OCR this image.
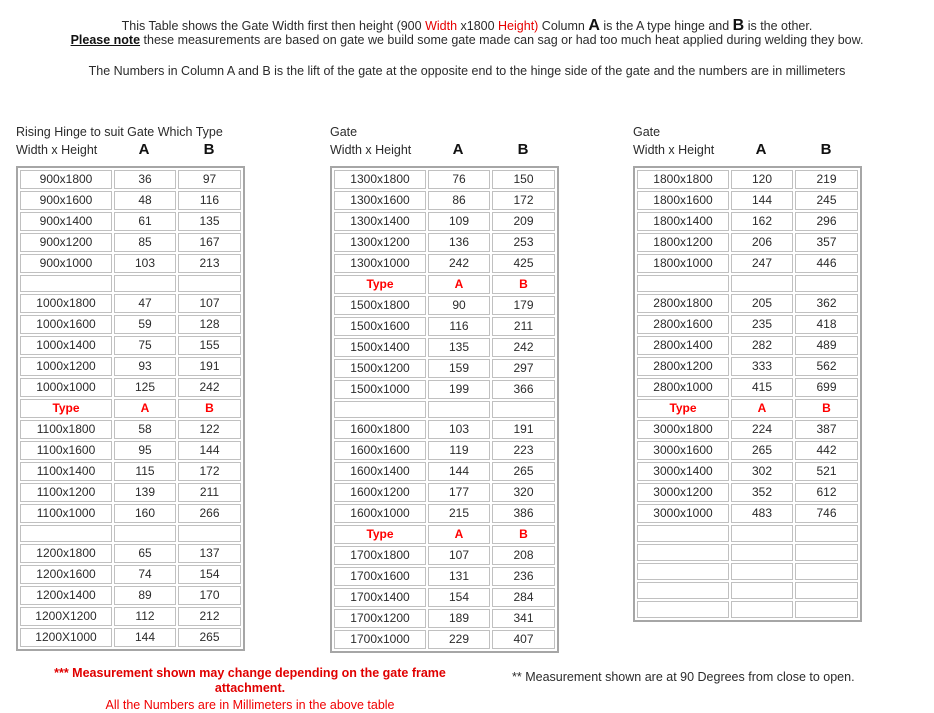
This Table shows the Gate Width first then height (900 Width x1800 Height) Column A is the A type hinge and B is the other.
Please note these measurements are based on gate we build some gate made can sag or had too much heat applied during welding they bow.
The Numbers in Column A and B is the lift of the gate at the opposite end to the hinge side of the gate and the numbers are in millimeters
Rising Hinge to suit Gate Which Type
Width x Height	A	B
900x1800	36	97
900x1600	48	116
900x1400	61	135
900x1200	85	167
900x1000	103	213

1000x1800	47	107
1000x1600	59	128
1000x1400	75	155
1000x1200	93	191
1000x1000	125	242
Type	A	B
1100x1800	58	122
1100x1600	95	144
1100x1400	115	172
1100x1200	139	211
1100x1000	160	266

1200x1800	65	137
1200x1600	74	154
1200x1400	89	170
1200X1200	112	212
1200X1000	144	265
Gate
Width x Height	A	B
1300x1800	76	150
1300x1600	86	172
1300x1400	109	209
1300x1200	136	253
1300x1000	242	425
Type	A	B
1500x1800	90	179
1500x1600	116	211
1500x1400	135	242
1500x1200	159	297
1500x1000	199	366

1600x1800	103	191
1600x1600	119	223
1600x1400	144	265
1600x1200	177	320
1600x1000	215	386
Type	A	B
1700x1800	107	208
1700x1600	131	236
1700x1400	154	284
1700x1200	189	341
1700x1000	229	407
Gate
Width x Height	A	B
1800x1800	120	219
1800x1600	144	245
1800x1400	162	296
1800x1200	206	357
1800x1000	247	446

2800x1800	205	362
2800x1600	235	418
2800x1400	282	489
2800x1200	333	562
2800x1000	415	699
Type	A	B
3000x1800	224	387
3000x1600	265	442
3000x1400	302	521
3000x1200	352	612
3000x1000	483	746

*** Measurement shown may change depending on the gate frame attachment.
All the Numbers are in Millimeters in the above table
** Measurement shown are at 90 Degrees from close to open.
